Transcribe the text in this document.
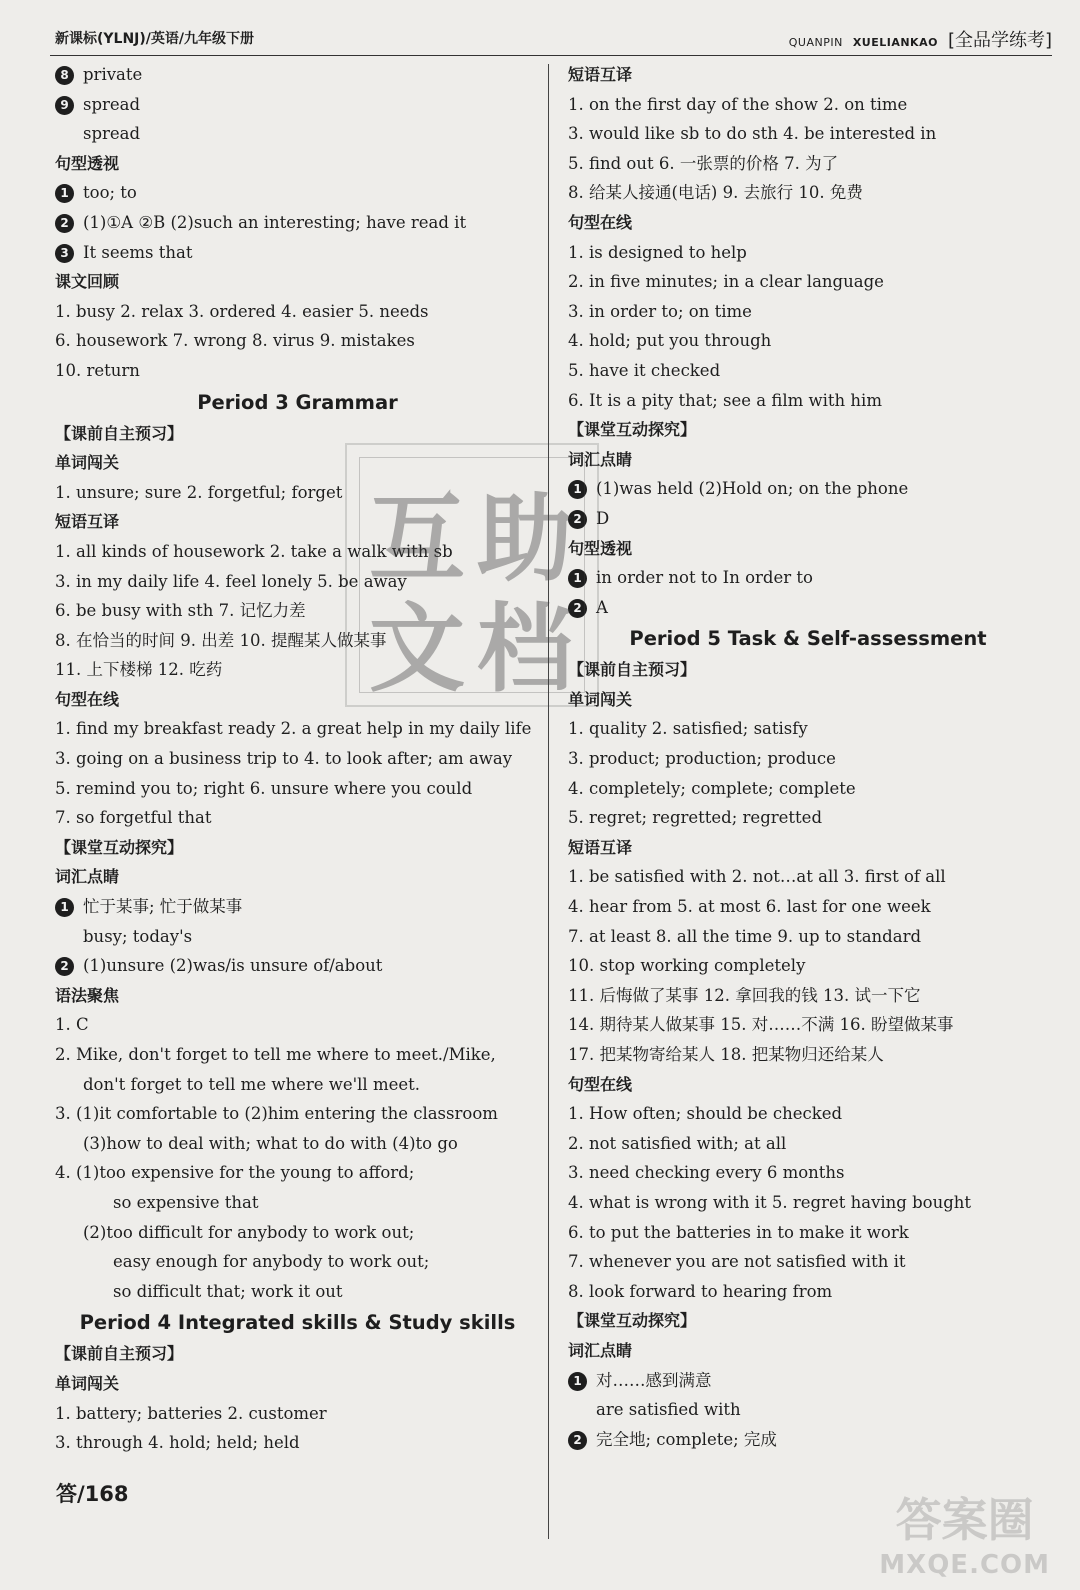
新课标(YLNJ)/英语/九年级下册	QUANPIN XUELIANKAO [全品学练考]
8 private
9 spread
spread
句型透视
1 too; to
2 (1)①A ②B (2)such an interesting; have read it
3 It seems that
课文回顾
1. busy 2. relax 3. ordered 4. easier 5. needs
6. housework 7. wrong 8. virus 9. mistakes
10. return
Period 3 Grammar
【课前自主预习】
单词闯关
1. unsure; sure 2. forgetful; forget
短语互译
1. all kinds of housework 2. take a walk with sb
3. in my daily life 4. feel lonely 5. be away
6. be busy with sth 7. 记忆力差
8. 在恰当的时间 9. 出差 10. 提醒某人做某事
11. 上下楼梯 12. 吃药
句型在线
1. find my breakfast ready 2. a great help in my daily life
3. going on a business trip to 4. to look after; am away
5. remind you to; right 6. unsure where you could
7. so forgetful that
【课堂互动探究】
词汇点睛
1 忙于某事; 忙于做某事
busy; today's
2 (1)unsure (2)was/is unsure of/about
语法聚焦
1. C
2. Mike, don't forget to tell me where to meet./Mike,
don't forget to tell me where we'll meet.
3. (1)it comfortable to (2)him entering the classroom
(3)how to deal with; what to do with (4)to go
4. (1)too expensive for the young to afford;
so expensive that
(2)too difficult for anybody to work out;
easy enough for anybody to work out;
so difficult that; work it out
Period 4 Integrated skills & Study skills
【课前自主预习】
单词闯关
1. battery; batteries 2. customer
3. through 4. hold; held; held
短语互译
1. on the first day of the show 2. on time
3. would like sb to do sth 4. be interested in
5. find out 6. 一张票的价格 7. 为了
8. 给某人接通(电话) 9. 去旅行 10. 免费
句型在线
1. is designed to help
2. in five minutes; in a clear language
3. in order to; on time
4. hold; put you through
5. have it checked
6. It is a pity that; see a film with him
【课堂互动探究】
词汇点睛
1 (1)was held (2)Hold on; on the phone
2 D
句型透视
1 in order not to In order to
2 A
Period 5 Task & Self-assessment
【课前自主预习】
单词闯关
1. quality 2. satisfied; satisfy
3. product; production; produce
4. completely; complete; complete
5. regret; regretted; regretted
短语互译
1. be satisfied with 2. not…at all 3. first of all
4. hear from 5. at most 6. last for one week
7. at least 8. all the time 9. up to standard
10. stop working completely
11. 后悔做了某事 12. 拿回我的钱 13. 试一下它
14. 期待某人做某事 15. 对……不满 16. 盼望做某事
17. 把某物寄给某人 18. 把某物归还给某人
句型在线
1. How often; should be checked
2. not satisfied with; at all
3. need checking every 6 months
4. what is wrong with it 5. regret having bought
6. to put the batteries in to make it work
7. whenever you are not satisfied with it
8. look forward to hearing from
【课堂互动探究】
词汇点睛
1 对……感到满意
are satisfied with
2 完全地; complete; 完成
互 助
文 档
答/168	答案圈
MXQE.COM
